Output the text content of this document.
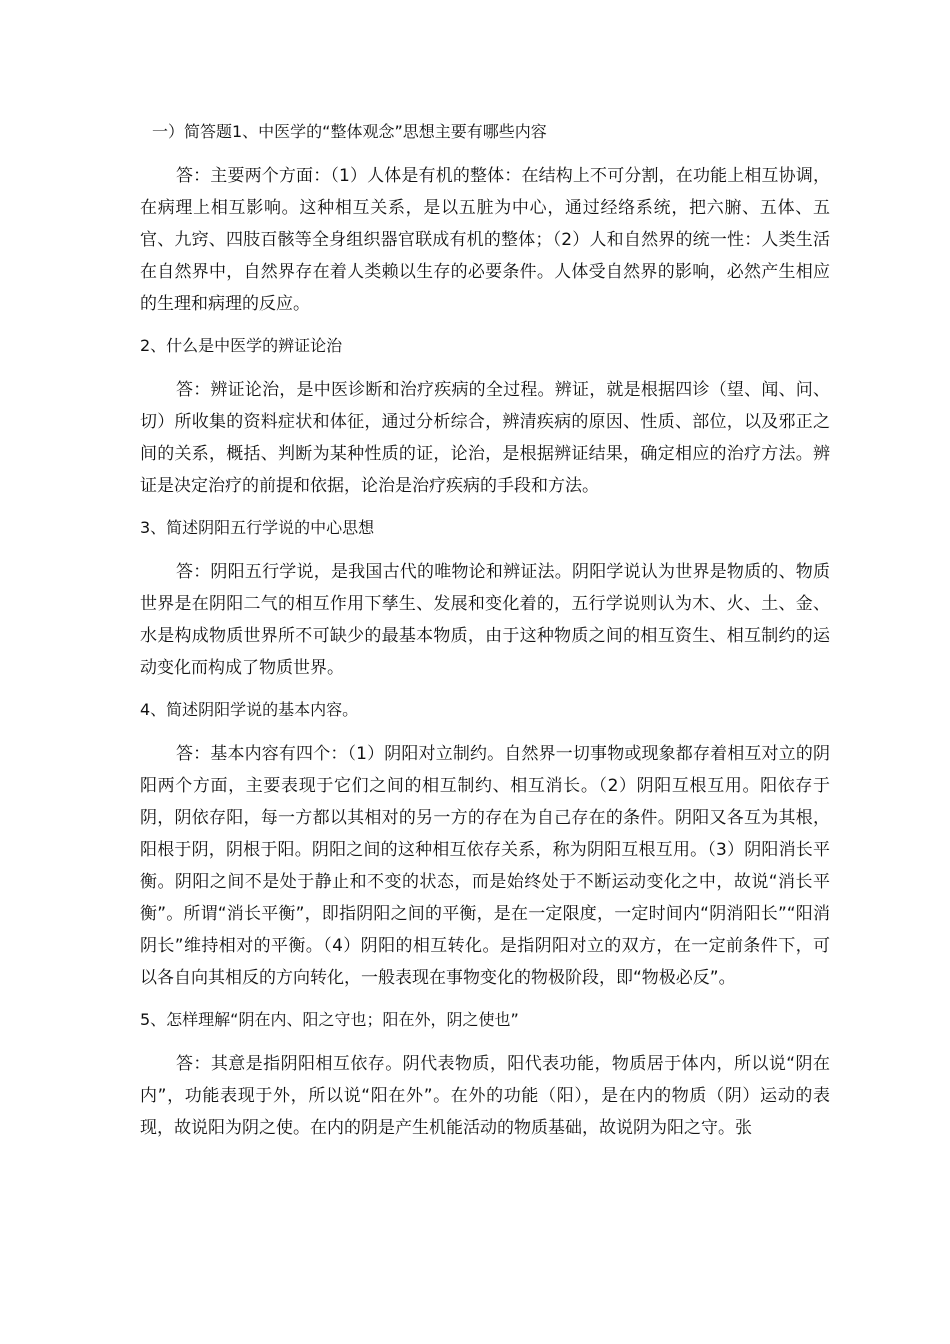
一）简答题1、中医学的“整体观念”思想主要有哪些内容
答：主要两个方面：（1）人体是有机的整体：在结构上不可分割，在功能上相互协调，在病理上相互影响。这种相互关系，是以五脏为中心，通过经络系统，把六腑、五体、五官、九窍、四肢百骸等全身组织器官联成有机的整体；（2）人和自然界的统一性：人类生活在自然界中，自然界存在着人类赖以生存的必要条件。人体受自然界的影响，必然产生相应的生理和病理的反应。
2、什么是中医学的辨证论治
答：辨证论治，是中医诊断和治疗疾病的全过程。辨证，就是根据四诊（望、闻、问、切）所收集的资料症状和体征，通过分析综合，辨清疾病的原因、性质、部位，以及邪正之间的关系，概括、判断为某种性质的证，论治，是根据辨证结果，确定相应的治疗方法。辨证是决定治疗的前提和依据，论治是治疗疾病的手段和方法。
3、简述阴阳五行学说的中心思想
答：阴阳五行学说，是我国古代的唯物论和辨证法。阴阳学说认为世界是物质的、物质世界是在阴阳二气的相互作用下孳生、发展和变化着的，五行学说则认为木、火、土、金、水是构成物质世界所不可缺少的最基本物质，由于这种物质之间的相互资生、相互制约的运动变化而构成了物质世界。
4、简述阴阳学说的基本内容。
答：基本内容有四个：（1）阴阳对立制约。自然界一切事物或现象都存着相互对立的阴阳两个方面，主要表现于它们之间的相互制约、相互消长。（2）阴阳互根互用。阳依存于阴，阴依存阳，每一方都以其相对的另一方的存在为自己存在的条件。阴阳又各互为其根，阳根于阴，阴根于阳。阴阳之间的这种相互依存关系，称为阴阳互根互用。（3）阴阳消长平衡。阴阳之间不是处于静止和不变的状态，而是始终处于不断运动变化之中，故说“消长平衡”。所谓“消长平衡”，即指阴阳之间的平衡，是在一定限度，一定时间内“阴消阳长”“阳消阴长”维持相对的平衡。（4）阴阳的相互转化。是指阴阳对立的双方，在一定前条件下，可以各自向其相反的方向转化，一般表现在事物变化的物极阶段，即“物极必反”。
5、怎样理解“阴在内、阳之守也；阳在外，阴之使也”
答：其意是指阴阳相互依存。阴代表物质，阳代表功能，物质居于体内，所以说“阴在内”，功能表现于外，所以说“阳在外”。在外的功能（阳），是在内的物质（阴）运动的表现，故说阳为阴之使。在内的阴是产生机能活动的物质基础，故说阴为阳之守。张
